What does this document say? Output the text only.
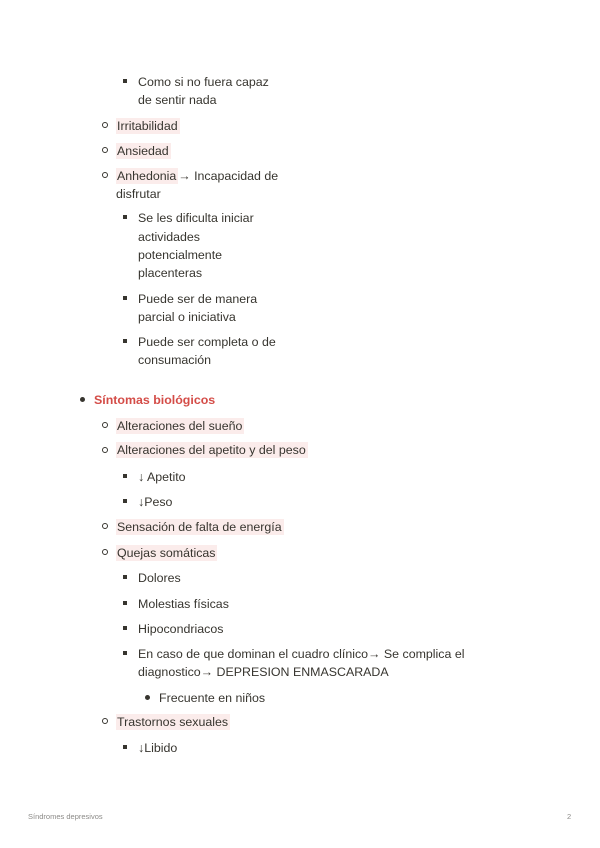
Como si no fuera capaz
de sentir nada
Irritabilidad
Ansiedad
Anhedonia → Incapacidad de
disfrutar
Se les dificulta iniciar
actividades
potencialmente
placenteras
Puede ser de manera
parcial o iniciativa
Puede ser completa o de
consumación
Síntomas biológicos
Alteraciones del sueño
Alteraciones del apetito y del peso
↓ Apetito
↓Peso
Sensación de falta de energía
Quejas somáticas
Dolores
Molestias físicas
Hipocondriacos
En caso de que dominan el cuadro clínico→ Se complica el
diagnostico→ DEPRESION ENMASCARADA
Frecuente en niños
Trastornos sexuales
↓Libido
Síndromes depresivos	2
